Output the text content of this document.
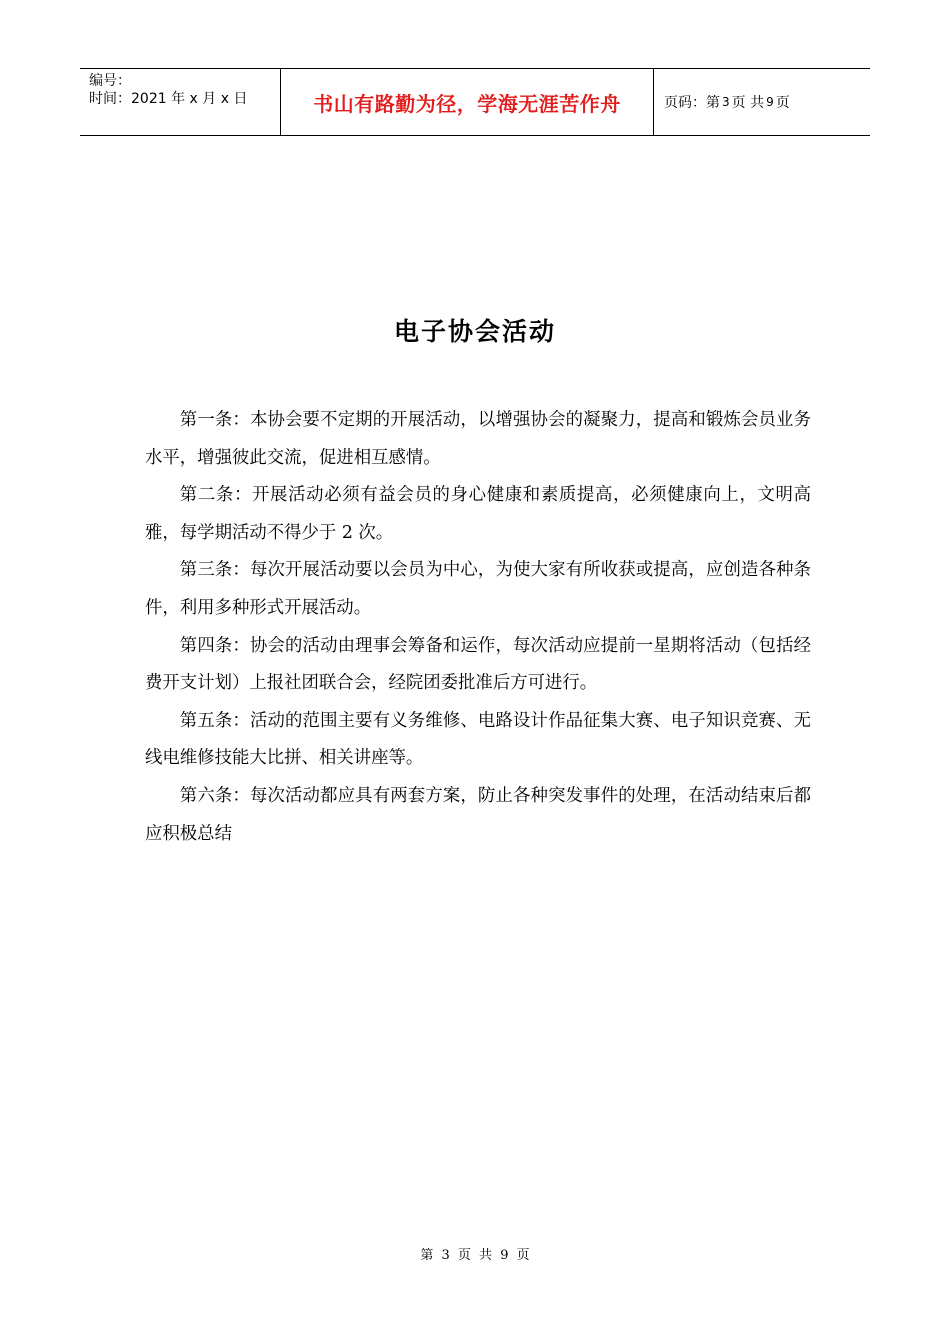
编号：
时间：2021 年 x 月 x 日	书山有路勤为径，学海无涯苦作舟	页码：第 3 页 共 9 页
电子协会活动

第一条：本协会要不定期的开展活动，以增强协会的凝聚力，提高和锻炼会员业务水平，增强彼此交流，促进相互感情。

第二条：开展活动必须有益会员的身心健康和素质提高，必须健康向上，文明高雅，每学期活动不得少于 2 次。

第三条：每次开展活动要以会员为中心，为使大家有所收获或提高，应创造各种条件，利用多种形式开展活动。

第四条：协会的活动由理事会筹备和运作，每次活动应提前一星期将活动（包括经费开支计划）上报社团联合会，经院团委批准后方可进行。

第五条：活动的范围主要有义务维修、电路设计作品征集大赛、电子知识竞赛、无线电维修技能大比拼、相关讲座等。

第六条：每次活动都应具有两套方案，防止各种突发事件的处理，在活动结束后都应积极总结

第 3 页 共 9 页
